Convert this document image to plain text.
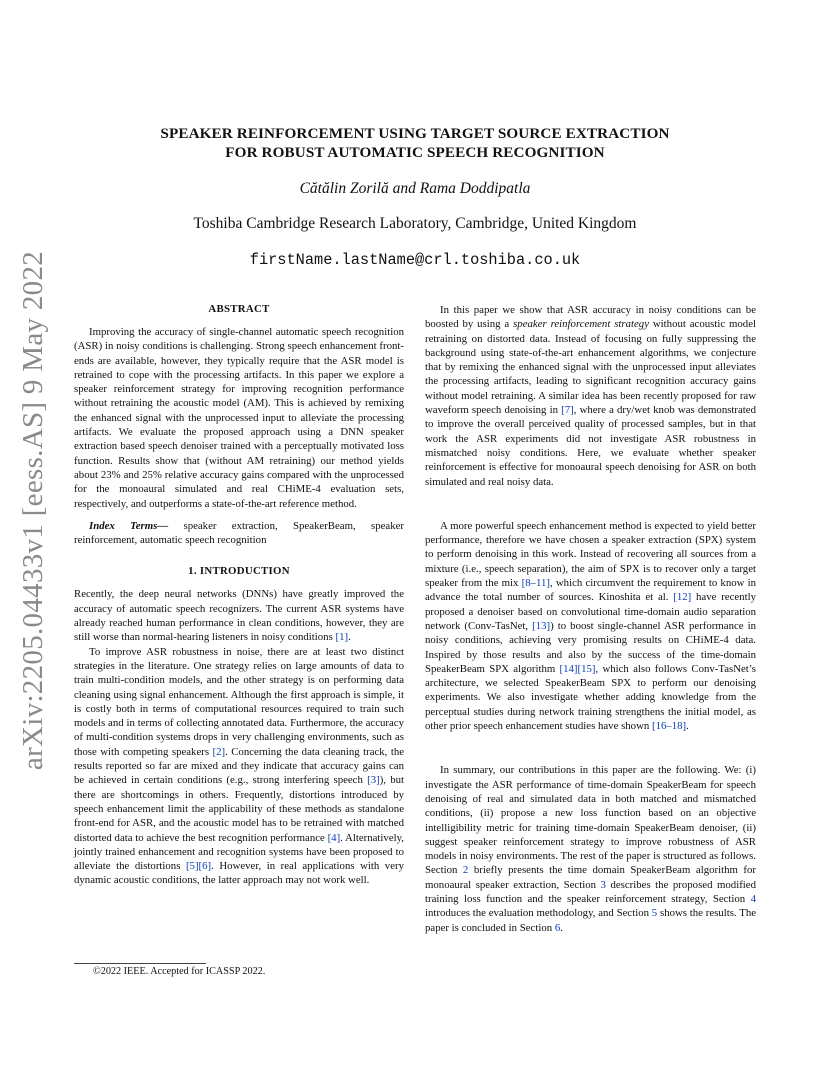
arXiv:2205.04433v1 [eess.AS] 9 May 2022
SPEAKER REINFORCEMENT USING TARGET SOURCE EXTRACTION
FOR ROBUST AUTOMATIC SPEECH RECOGNITION
Cătălin Zorilă and Rama Doddipatla
Toshiba Cambridge Research Laboratory, Cambridge, United Kingdom
firstName.lastName@crl.toshiba.co.uk
ABSTRACT

Improving the accuracy of single-channel automatic speech recognition (ASR) in noisy conditions is challenging. Strong speech enhancement front-ends are available, however, they typically require that the ASR model is retrained to cope with the processing artifacts. In this paper we explore a speaker reinforcement strategy for improving recognition performance without retraining the acoustic model (AM). This is achieved by remixing the enhanced signal with the unprocessed input to alleviate the processing artifacts. We evaluate the proposed approach using a DNN speaker extraction based speech denoiser trained with a perceptually motivated loss function. Results show that (without AM retraining) our method yields about 23% and 25% relative accuracy gains compared with the unprocessed for the monoaural simulated and real CHiME-4 evaluation sets, respectively, and outperforms a state-of-the-art reference method.

Index Terms— speaker extraction, SpeakerBeam, speaker reinforcement, automatic speech recognition

1. INTRODUCTION

Recently, the deep neural networks (DNNs) have greatly improved the accuracy of automatic speech recognizers. The current ASR systems have already reached human performance in clean conditions, however, they are still worse than normal-hearing listeners in noisy conditions [1].

To improve ASR robustness in noise, there are at least two distinct strategies in the literature. One strategy relies on large amounts of data to train multi-condition models, and the other strategy is on performing data cleaning using signal enhancement. Although the first approach is simple, it is costly both in terms of computational resources required to train such models and in terms of collecting annotated data. Furthermore, the accuracy of multi-condition systems drops in very challenging environments, such as those with competing speakers [2]. Concerning the data cleaning track, the results reported so far are mixed and they indicate that accuracy gains can be achieved in certain conditions (e.g., strong interfering speech [3]), but there are shortcomings in others. Frequently, distortions introduced by speech enhancement limit the applicability of these methods as standalone front-end for ASR, and the acoustic model has to be retrained with matched distorted data to achieve the best recognition performance [4]. Alternatively, jointly trained enhancement and recognition systems have been proposed to alleviate the distortions [5][6]. However, in real applications with very dynamic acoustic conditions, the latter approach may not work well.

In this paper we show that ASR accuracy in noisy conditions can be boosted by using a speaker reinforcement strategy without acoustic model retraining on distorted data. Instead of focusing on fully suppressing the background using state-of-the-art enhancement algorithms, we conjecture that by remixing the enhanced signal with the unprocessed input alleviates the processing artifacts, leading to significant recognition accuracy gains without model retraining. A similar idea has been recently proposed for raw waveform speech denoising in [7], where a dry/wet knob was demonstrated to improve the overall perceived quality of processed samples, but in that work the ASR experiments did not investigate ASR robustness in mismatched noisy conditions. Here, we evaluate whether speaker reinforcement is effective for monoaural speech denoising for ASR on both simulated and real noisy data.

A more powerful speech enhancement method is expected to yield better performance, therefore we have chosen a speaker extraction (SPX) system to perform denoising in this work. Instead of recovering all sources from a mixture (i.e., speech separation), the aim of SPX is to recover only a target speaker from the mix [8–11], which circumvent the requirement to know in advance the total number of sources. Kinoshita et al. [12] have recently proposed a denoiser based on convolutional time-domain audio separation network (Conv-TasNet, [13]) to boost single-channel ASR performance in noisy conditions, achieving very promising results on CHiME-4 data. Inspired by those results and also by the success of the time-domain SpeakerBeam SPX algorithm [14][15], which also follows Conv-TasNet’s architecture, we selected SpeakerBeam SPX to perform our denoising experiments. We also investigate whether adding knowledge from the perceptual studies during network training strengthens the initial model, as other prior speech enhancement studies have shown [16–18].

In summary, our contributions in this paper are the following. We: (i) investigate the ASR performance of time-domain SpeakerBeam for speech denoising of real and simulated data in both matched and mismatched conditions, (ii) propose a new loss function based on an objective intelligibility metric for training time-domain SpeakerBeam denoiser, (ii) suggest speaker reinforcement strategy to improve robustness of ASR models in noisy environments. The rest of the paper is structured as follows. Section 2 briefly presents the time domain SpeakerBeam algorithm for monoaural speaker extraction, Section 3 describes the proposed modified training loss function and the speaker reinforcement strategy, Section 4 introduces the evaluation methodology, and Section 5 shows the results. The paper is concluded in Section 6.

©2022 IEEE. Accepted for ICASSP 2022.
